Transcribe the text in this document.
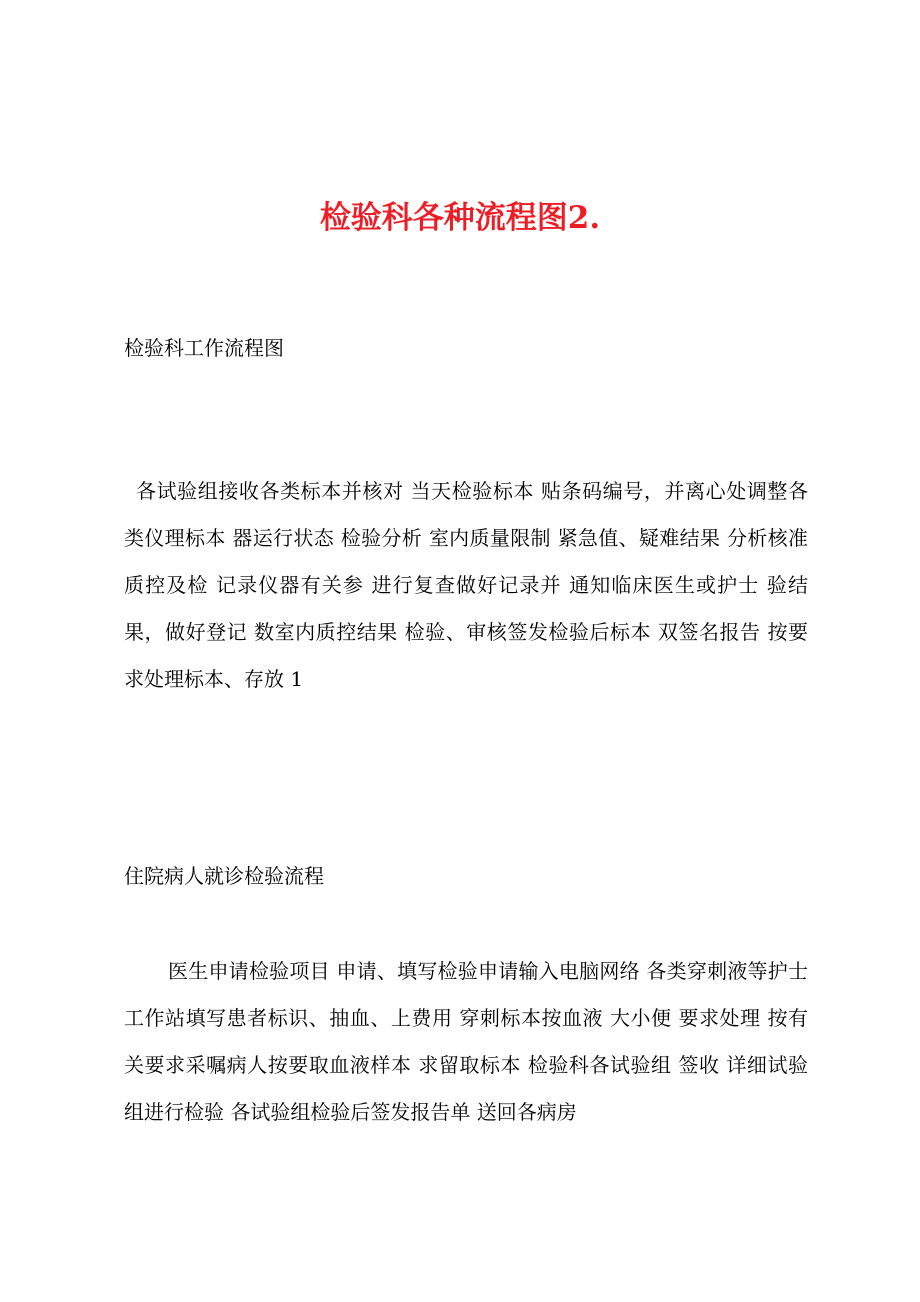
检验科各种流程图2.
检验科工作流程图

各试验组接收各类标本并核对 当天检验标本 贴条码编号，并离心处调整各类仪理标本 器运行状态 检验分析 室内质量限制 紧急值、疑难结果 分析核准质控及检 记录仪器有关参 进行复查做好记录并 通知临床医生或护士 验结果，做好登记 数室内质控结果 检验、审核签发检验后标本 双签名报告 按要求处理标本、存放 1

住院病人就诊检验流程

医生申请检验项目 申请、填写检验申请输入电脑网络 各类穿刺液等护士工作站填写患者标识、抽血、上费用 穿刺标本按血液 大小便 要求处理 按有关要求采嘱病人按要取血液样本 求留取标本 检验科各试验组 签收 详细试验组进行检验 各试验组检验后签发报告单 送回各病房
